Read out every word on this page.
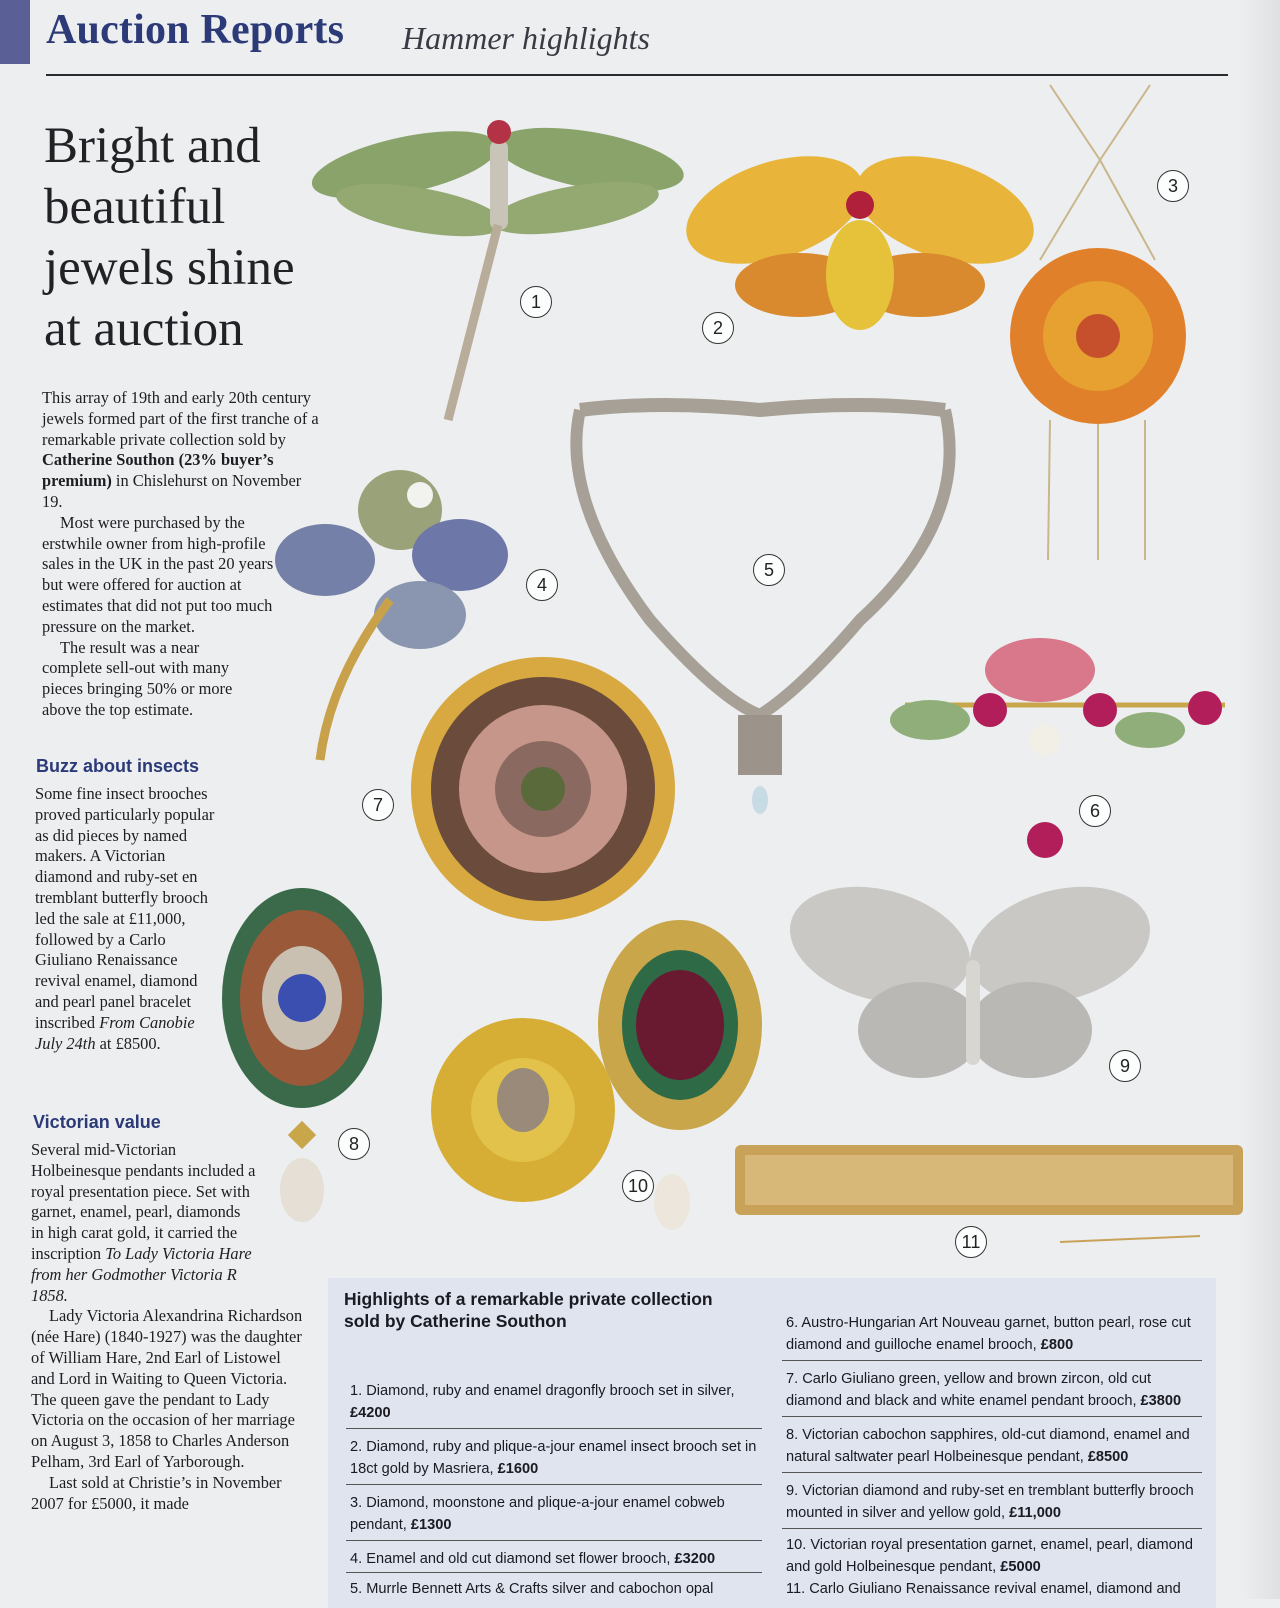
Auction Reports Hammer highlights
Bright and beautiful jewels shine at auction

This array of 19th and early 20th century jewels formed part of the first tranche of a remarkable private collection sold by Catherine Southon (23% buyer’s premium) in Chislehurst on November 19.

Most were purchased by the erstwhile owner from high-profile sales in the UK in the past 20 years but were offered for auction at estimates that did not put too much pressure on the market.

The result was a near complete sell-out with many pieces bringing 50% or more above the top estimate.

Buzz about insects

Some fine insect brooches proved particularly popular as did pieces by named makers. A Victorian diamond and ruby-set en tremblant butterfly brooch led the sale at £11,000, followed by a Carlo Giuliano Renaissance revival enamel, diamond and pearl panel bracelet inscribed From Canobie July 24th at £8500.

Victorian value

Several mid-Victorian Holbeinesque pendants included a royal presentation piece. Set with garnet, enamel, pearl, diamonds in high carat gold, it carried the inscription To Lady Victoria Hare from her Godmother Victoria R 1858.

Lady Victoria Alexandrina Richardson (née Hare) (1840-1927) was the daughter of William Hare, 2nd Earl of Listowel and Lord in Waiting to Queen Victoria. The queen gave the pendant to Lady Victoria on the occasion of her marriage on August 3, 1858 to Charles Anderson Pelham, 3rd Earl of Yarborough.

Last sold at Christie’s in November 2007 for £5000, it made

1
2
3
4
5
6
7
8
9
10
11
Highlights of a remarkable private collection sold by Catherine Southon
1. Diamond, ruby and enamel dragonfly brooch set in silver, £4200
2. Diamond, ruby and plique-a-jour enamel insect brooch set in 18ct gold by Masriera, £1600
3. Diamond, moonstone and plique-a-jour enamel cobweb pendant, £1300
4. Enamel and old cut diamond set flower brooch, £3200
5. Murrle Bennett Arts & Crafts silver and cabochon opal
6. Austro-Hungarian Art Nouveau garnet, button pearl, rose cut diamond and guilloche enamel brooch, £800
7. Carlo Giuliano green, yellow and brown zircon, old cut diamond and black and white enamel pendant brooch, £3800
8. Victorian cabochon sapphires, old-cut diamond, enamel and natural saltwater pearl Holbeinesque pendant, £8500
9. Victorian diamond and ruby-set en tremblant butterfly brooch mounted in silver and yellow gold, £11,000
10. Victorian royal presentation garnet, enamel, pearl, diamond and gold Holbeinesque pendant, £5000
11. Carlo Giuliano Renaissance revival enamel, diamond and
